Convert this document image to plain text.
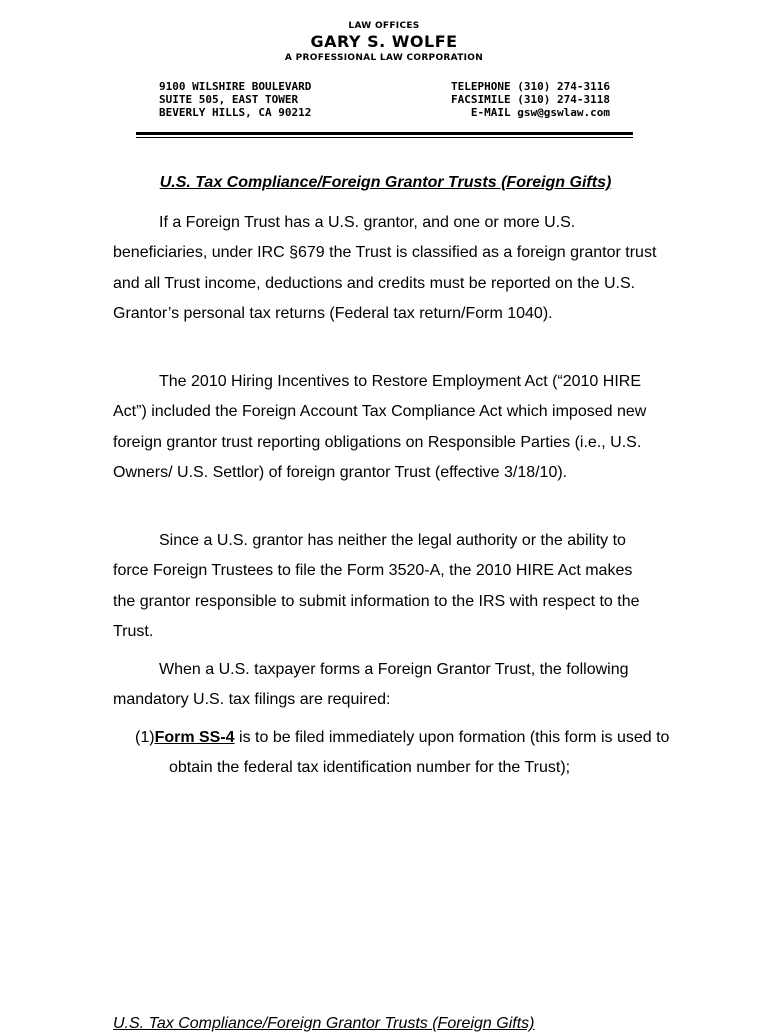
LAW OFFICES
GARY S. WOLFE
A PROFESSIONAL LAW CORPORATION
9100 WILSHIRE BOULEVARD
SUITE 505, EAST TOWER
BEVERLY HILLS, CA 90212
TELEPHONE (310) 274-3116
FACSIMILE (310) 274-3118
E-MAIL gsw@gswlaw.com
U.S. Tax Compliance/Foreign Grantor Trusts (Foreign Gifts)

If a Foreign Trust has a U.S. grantor, and one or more U.S. beneficiaries, under IRC §679 the Trust is classified as a foreign grantor trust and all Trust income, deductions and credits must be reported on the U.S. Grantor’s personal tax returns (Federal tax return/Form 1040).

The 2010 Hiring Incentives to Restore Employment Act (“2010 HIRE Act”) included the Foreign Account Tax Compliance Act which imposed new foreign grantor trust reporting obligations on Responsible Parties (i.e., U.S. Owners/ U.S. Settlor) of foreign grantor Trust (effective 3/18/10).

Since a U.S. grantor has neither the legal authority or the ability to force Foreign Trustees to file the Form 3520-A, the 2010 HIRE Act makes the grantor responsible to submit information to the IRS with respect to the Trust.

When a U.S. taxpayer forms a Foreign Grantor Trust, the following mandatory U.S. tax filings are required:

(1)Form SS-4 is to be filed immediately upon formation (this form is used to obtain the federal tax identification number for the Trust);

U.S. Tax Compliance/Foreign Grantor Trusts (Foreign Gifts)
